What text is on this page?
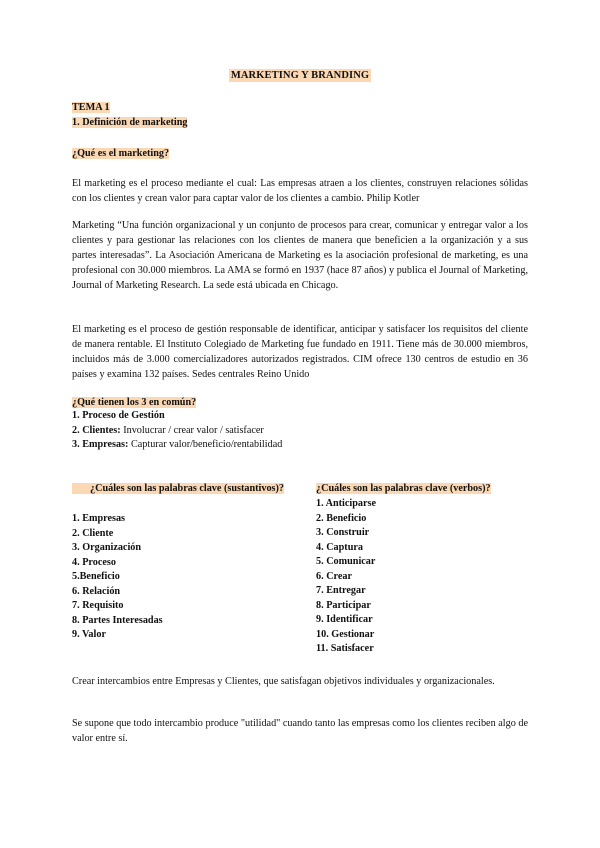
MARKETING Y BRANDING
TEMA 1
1. Definición de marketing
¿Qué es el marketing?
El marketing es el proceso mediante el cual: Las empresas atraen a los clientes, construyen relaciones sólidas con los clientes y crean valor para captar valor de los clientes a cambio. Philip Kotler
Marketing “Una función organizacional y un conjunto de procesos para crear, comunicar y entregar valor a los clientes y para gestionar las relaciones con los clientes de manera que beneficien a la organización y a sus partes interesadas”. La Asociación Americana de Marketing es la asociación profesional de marketing, es una profesional con 30.000 miembros. La AMA se formó en 1937 (hace 87 años) y publica el Journal of Marketing, Journal of Marketing Research. La sede está ubicada en Chicago.
El marketing es el proceso de gestión responsable de identificar, anticipar y satisfacer los requisitos del cliente de manera rentable. El Instituto Colegiado de Marketing fue fundado en 1911. Tiene más de 30.000 miembros, incluidos más de 3.000 comercializadores autorizados registrados. CIM ofrece 130 centros de estudio en 36 países y examina 132 países. Sedes centrales Reino Unido
¿Qué tienen los 3 en común?
1. Proceso de Gestión
2. Clientes: Involucrar / crear valor / satisfacer
3. Empresas: Capturar valor/beneficio/rentabilidad
¿Cuáles son las palabras clave (sustantivos)?
1. Empresas
2. Cliente
3. Organización
4. Proceso
5.Beneficio
6. Relación
7. Requisito
8. Partes Interesadas
9. Valor
¿Cuáles son las palabras clave (verbos)?
1. Anticiparse
2. Beneficio
3. Construir
4. Captura
5. Comunicar
6. Crear
7. Entregar
8. Participar
9. Identificar
10. Gestionar
11. Satisfacer
Crear intercambios entre Empresas y Clientes, que satisfagan objetivos individuales y organizacionales.
Se supone que todo intercambio produce "utilidad" cuando tanto las empresas como los clientes reciben algo de valor entre sí.
